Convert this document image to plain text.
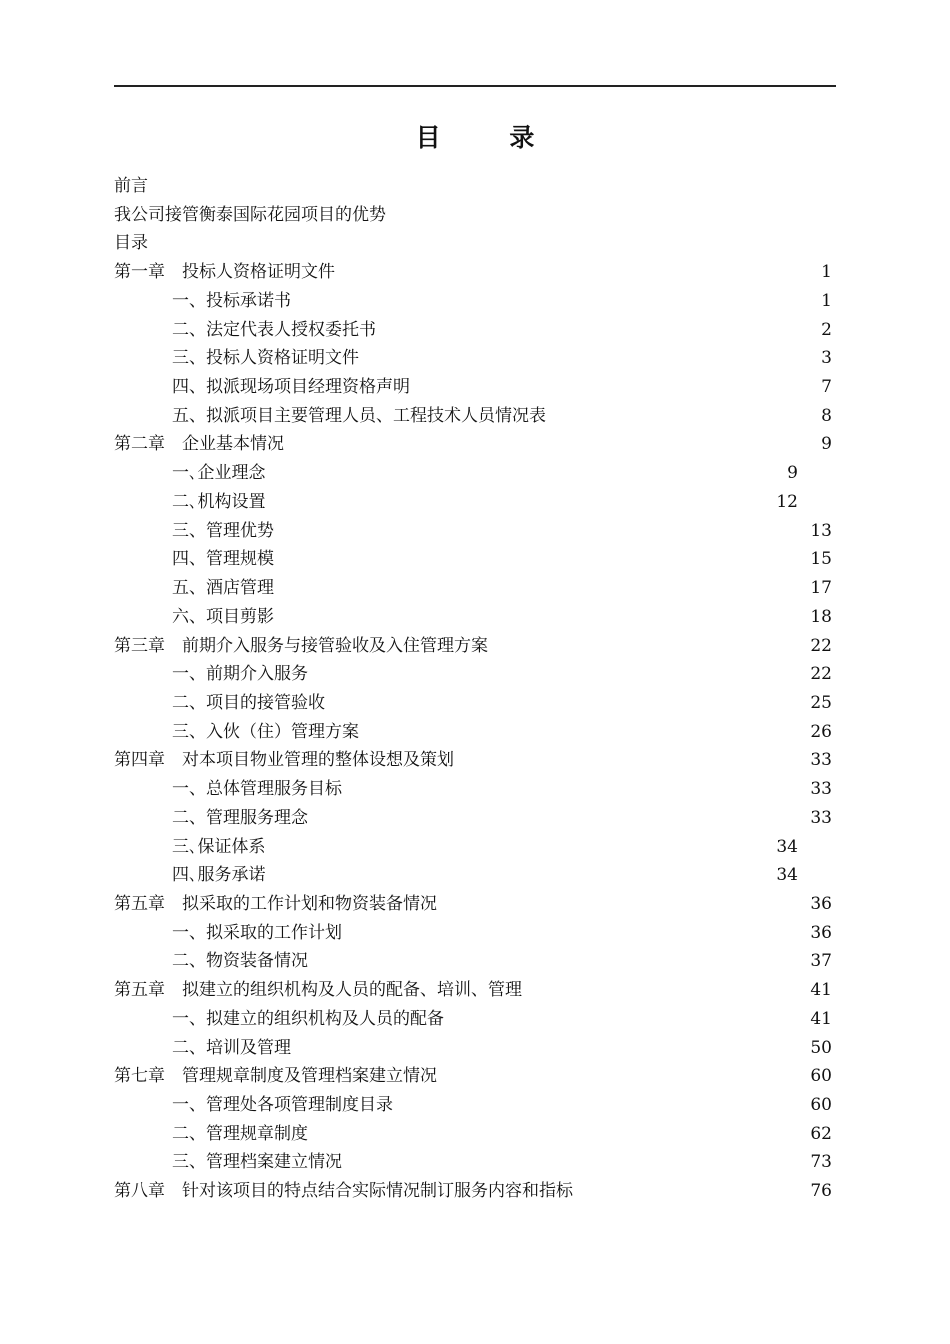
目 录
前言
我公司接管衡泰国际花园项目的优势
目录
第一章　投标人资格证明文件	1
一、投标承诺书	1
二、法定代表人授权委托书	2
三、投标人资格证明文件	3
四、拟派现场项目经理资格声明	7
五、拟派项目主要管理人员、工程技术人员情况表	8
第二章　企业基本情况	9
一､企业理念	9
二､机构设置	12
三、管理优势	13
四、管理规模	15
五、酒店管理	17
六、项目剪影	18
第三章　前期介入服务与接管验收及入住管理方案	22
一、前期介入服务	22
二、项目的接管验收	25
三、入伙（住）管理方案	26
第四章　对本项目物业管理的整体设想及策划	33
一、总体管理服务目标	33
二、管理服务理念	33
三､保证体系	34
四､服务承诺	34
第五章　拟采取的工作计划和物资装备情况	36
一、拟采取的工作计划	36
二、物资装备情况	37
第五章　拟建立的组织机构及人员的配备、培训、管理	41
一、拟建立的组织机构及人员的配备	41
二、培训及管理	50
第七章　管理规章制度及管理档案建立情况	60
一、管理处各项管理制度目录	60
二、管理规章制度	62
三、管理档案建立情况	73
第八章　针对该项目的特点结合实际情况制订服务内容和指标	76
